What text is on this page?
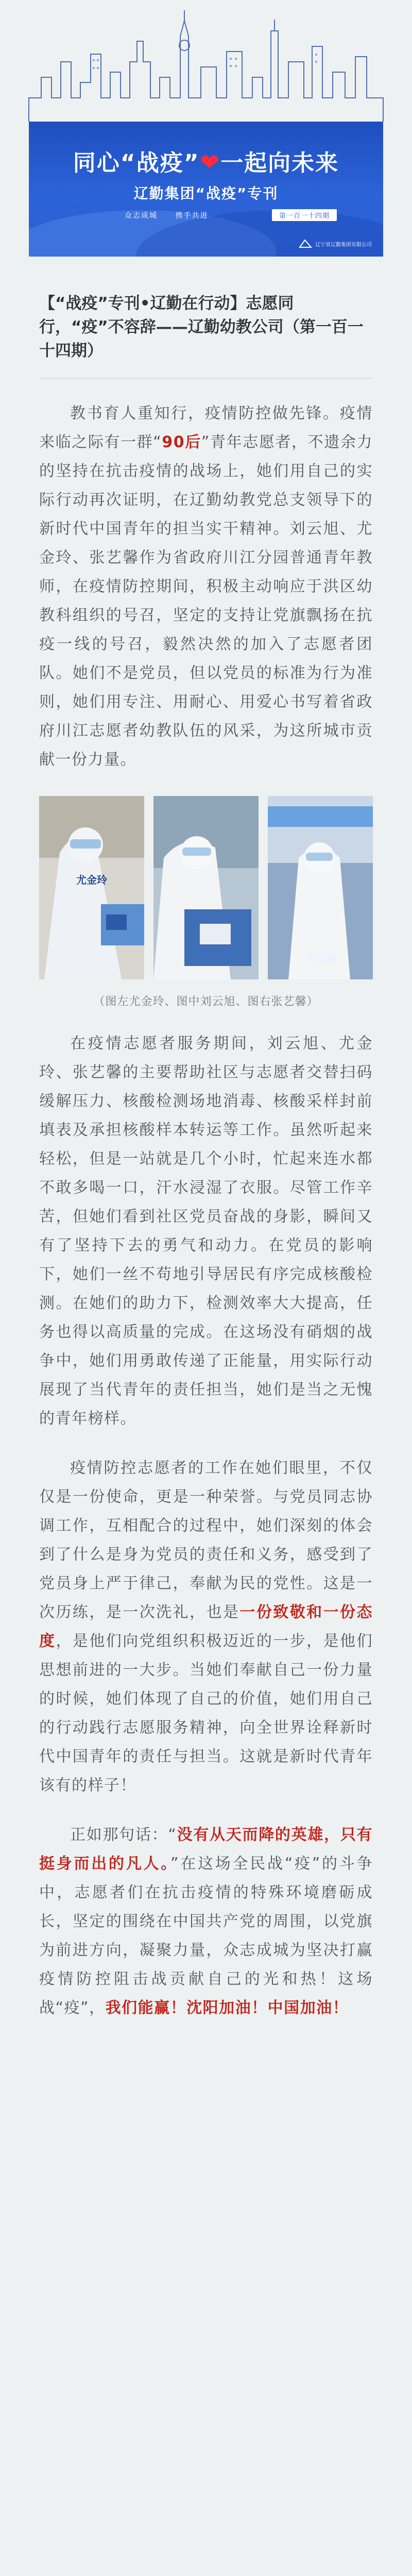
同心“战疫”❤一起向未来
辽勤集团“战疫”专刊
众志成城 携手共进	第一百一十四期
辽宁省辽勤集团有限公司
【“战疫”专刊•辽勤在行动】志愿同行，“疫”不容辞——辽勤幼教公司（第一百一十四期）

教书育人重知行，疫情防控做先锋。疫情来临之际有一群“90后”青年志愿者，不遗余力的坚持在抗击疫情的战场上，她们用自己的实际行动再次证明，在辽勤幼教党总支领导下的新时代中国青年的担当实干精神。刘云旭、尤金玲、张艺馨作为省政府川江分园普通青年教师，在疫情防控期间，积极主动响应于洪区幼教科组织的号召，坚定的支持让党旗飘扬在抗疫一线的号召，毅然决然的加入了志愿者团队。她们不是党员，但以党员的标准为行为准则，她们用专注、用耐心、用爱心书写着省政府川江志愿者幼教队伍的风采，为这所城市贡献一份力量。

尤金玲
张艺馨
（图左尤金玲、图中刘云旭、图右张艺馨）

在疫情志愿者服务期间，刘云旭、尤金玲、张艺馨的主要帮助社区与志愿者交替扫码缓解压力、核酸检测场地消毒、核酸采样封前填表及承担核酸样本转运等工作。虽然听起来轻松，但是一站就是几个小时，忙起来连水都不敢多喝一口，汗水浸湿了衣服。尽管工作辛苦，但她们看到社区党员奋战的身影，瞬间又有了坚持下去的勇气和动力。在党员的影响下，她们一丝不苟地引导居民有序完成核酸检测。在她们的助力下，检测效率大大提高，任务也得以高质量的完成。在这场没有硝烟的战争中，她们用勇敢传递了正能量，用实际行动展现了当代青年的责任担当，她们是当之无愧的青年榜样。

疫情防控志愿者的工作在她们眼里，不仅仅是一份使命，更是一种荣誉。与党员同志协调工作，互相配合的过程中，她们深刻的体会到了什么是身为党员的责任和义务，感受到了党员身上严于律己，奉献为民的党性。这是一次历练，是一次洗礼，也是一份致敬和一份态度，是他们向党组织积极迈近的一步，是他们思想前进的一大步。当她们奉献自己一份力量的时候，她们体现了自己的价值，她们用自己的行动践行志愿服务精神，向全世界诠释新时代中国青年的责任与担当。这就是新时代青年该有的样子！

正如那句话：“没有从天而降的英雄，只有挺身而出的凡人。”在这场全民战“疫”的斗争中，志愿者们在抗击疫情的特殊环境磨砺成长，坚定的围绕在中国共产党的周围，以党旗为前进方向，凝聚力量，众志成城为坚决打赢疫情防控阻击战贡献自己的光和热！这场战“疫”，我们能赢！沈阳加油！中国加油！
